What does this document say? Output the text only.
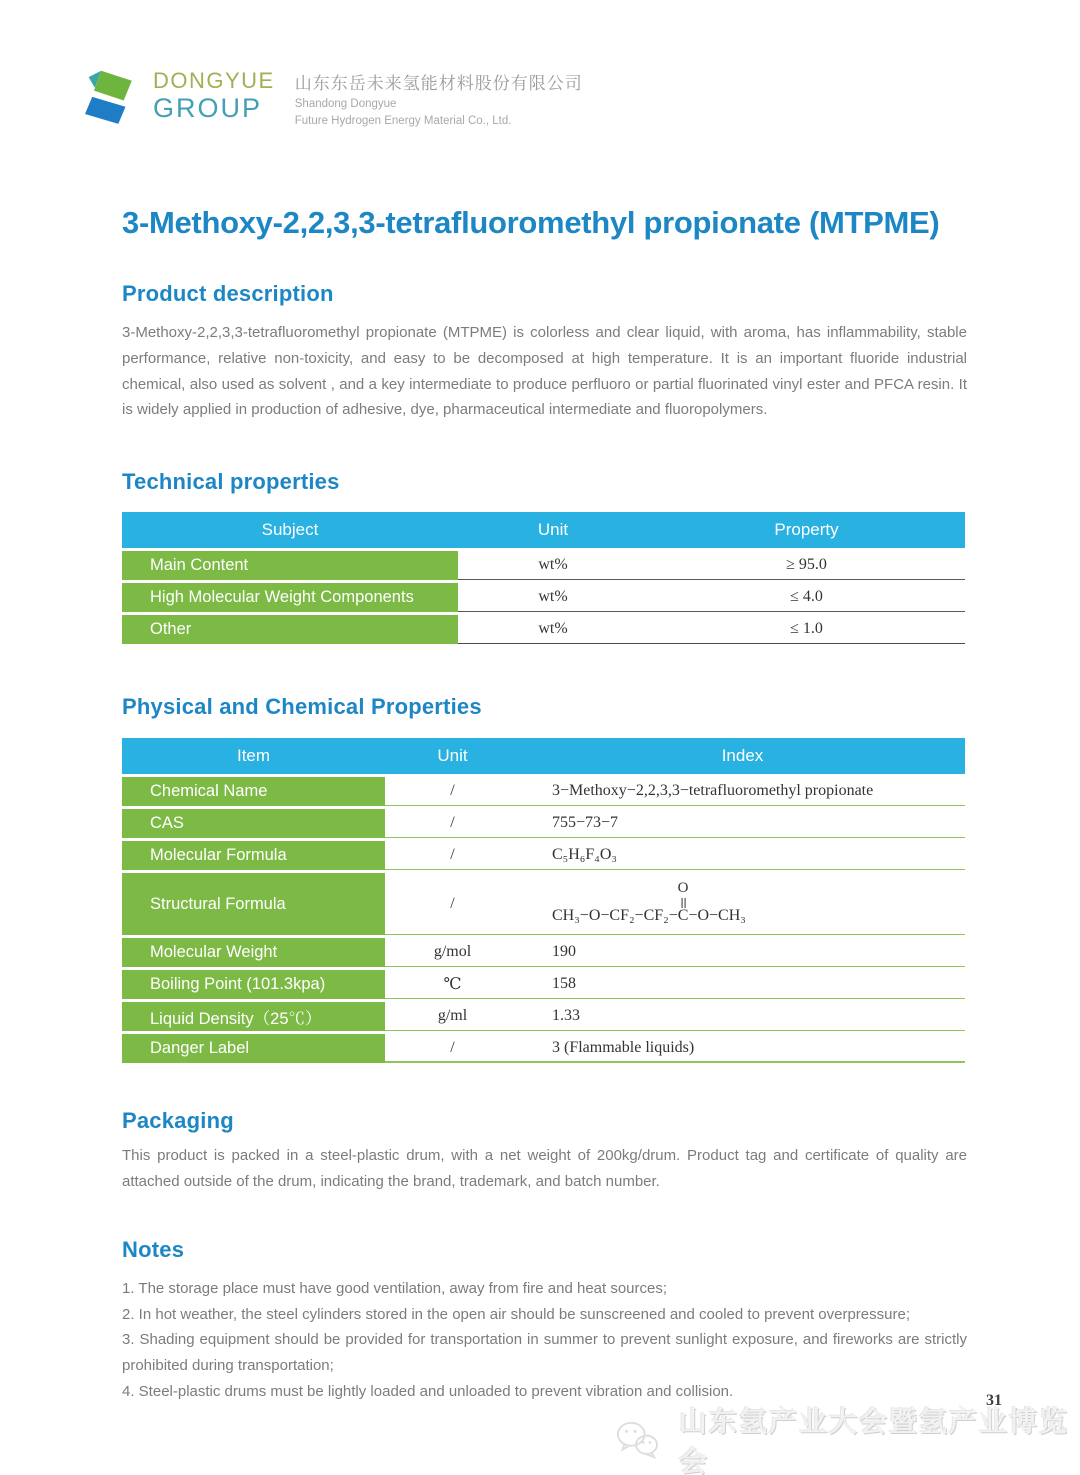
DONGYUE
GROUP
山东东岳未来氢能材料股份有限公司
Shandong Dongyue
Future Hydrogen Energy Material Co., Ltd.
3-Methoxy-2,2,3,3-tetrafluoromethyl propionate (MTPME)
Product description

3-Methoxy-2,2,3,3-tetrafluoromethyl propionate (MTPME) is colorless and clear liquid, with aroma, has inflammability, stable performance, relative non-toxicity, and easy to be decomposed at high temperature. It is an important fluoride industrial chemical, also used as solvent , and a key intermediate to produce perfluoro or partial fluorinated vinyl ester and PFCA resin. It is widely applied in production of adhesive, dye, pharmaceutical intermediate and fluoropolymers.

Technical properties
Subject	Unit	Property
Main Content	wt%	≥ 95.0
High Molecular Weight Components	wt%	≤ 4.0
Other	wt%	≤ 1.0
Physical and Chemical Properties
Item	Unit	Index
Chemical Name	/	3−Methoxy−2,2,3,3−tetrafluoromethyl propionate
CAS	/	755−73−7
Molecular Formula	/	C₅H₆F₄O₃
Structural Formula	/
CH₃−O−CF₂−CF₂−
O
C−O−CH₃
Molecular Weight	g/mol	190
Boiling Point (101.3kpa)	℃	158
Liquid Density（25℃）	g/ml	1.33
Danger Label	/	3 (Flammable liquids)
Packaging

This product is packed in a steel-plastic drum, with a net weight of 200kg/drum. Product tag and certificate of quality are attached outside of the drum, indicating the brand, trademark, and batch number.

Notes

1. The storage place must have good ventilation, away from fire and heat sources;

2. In hot weather, the steel cylinders stored in the open air should be sunscreened and cooled to prevent overpressure;

3. Shading equipment should be provided for transportation in summer to prevent sunlight exposure, and fireworks are strictly prohibited during transportation;

4. Steel-plastic drums must be lightly loaded and unloaded to prevent vibration and collision.

31
山东氢产业大会暨氢产业博览会
